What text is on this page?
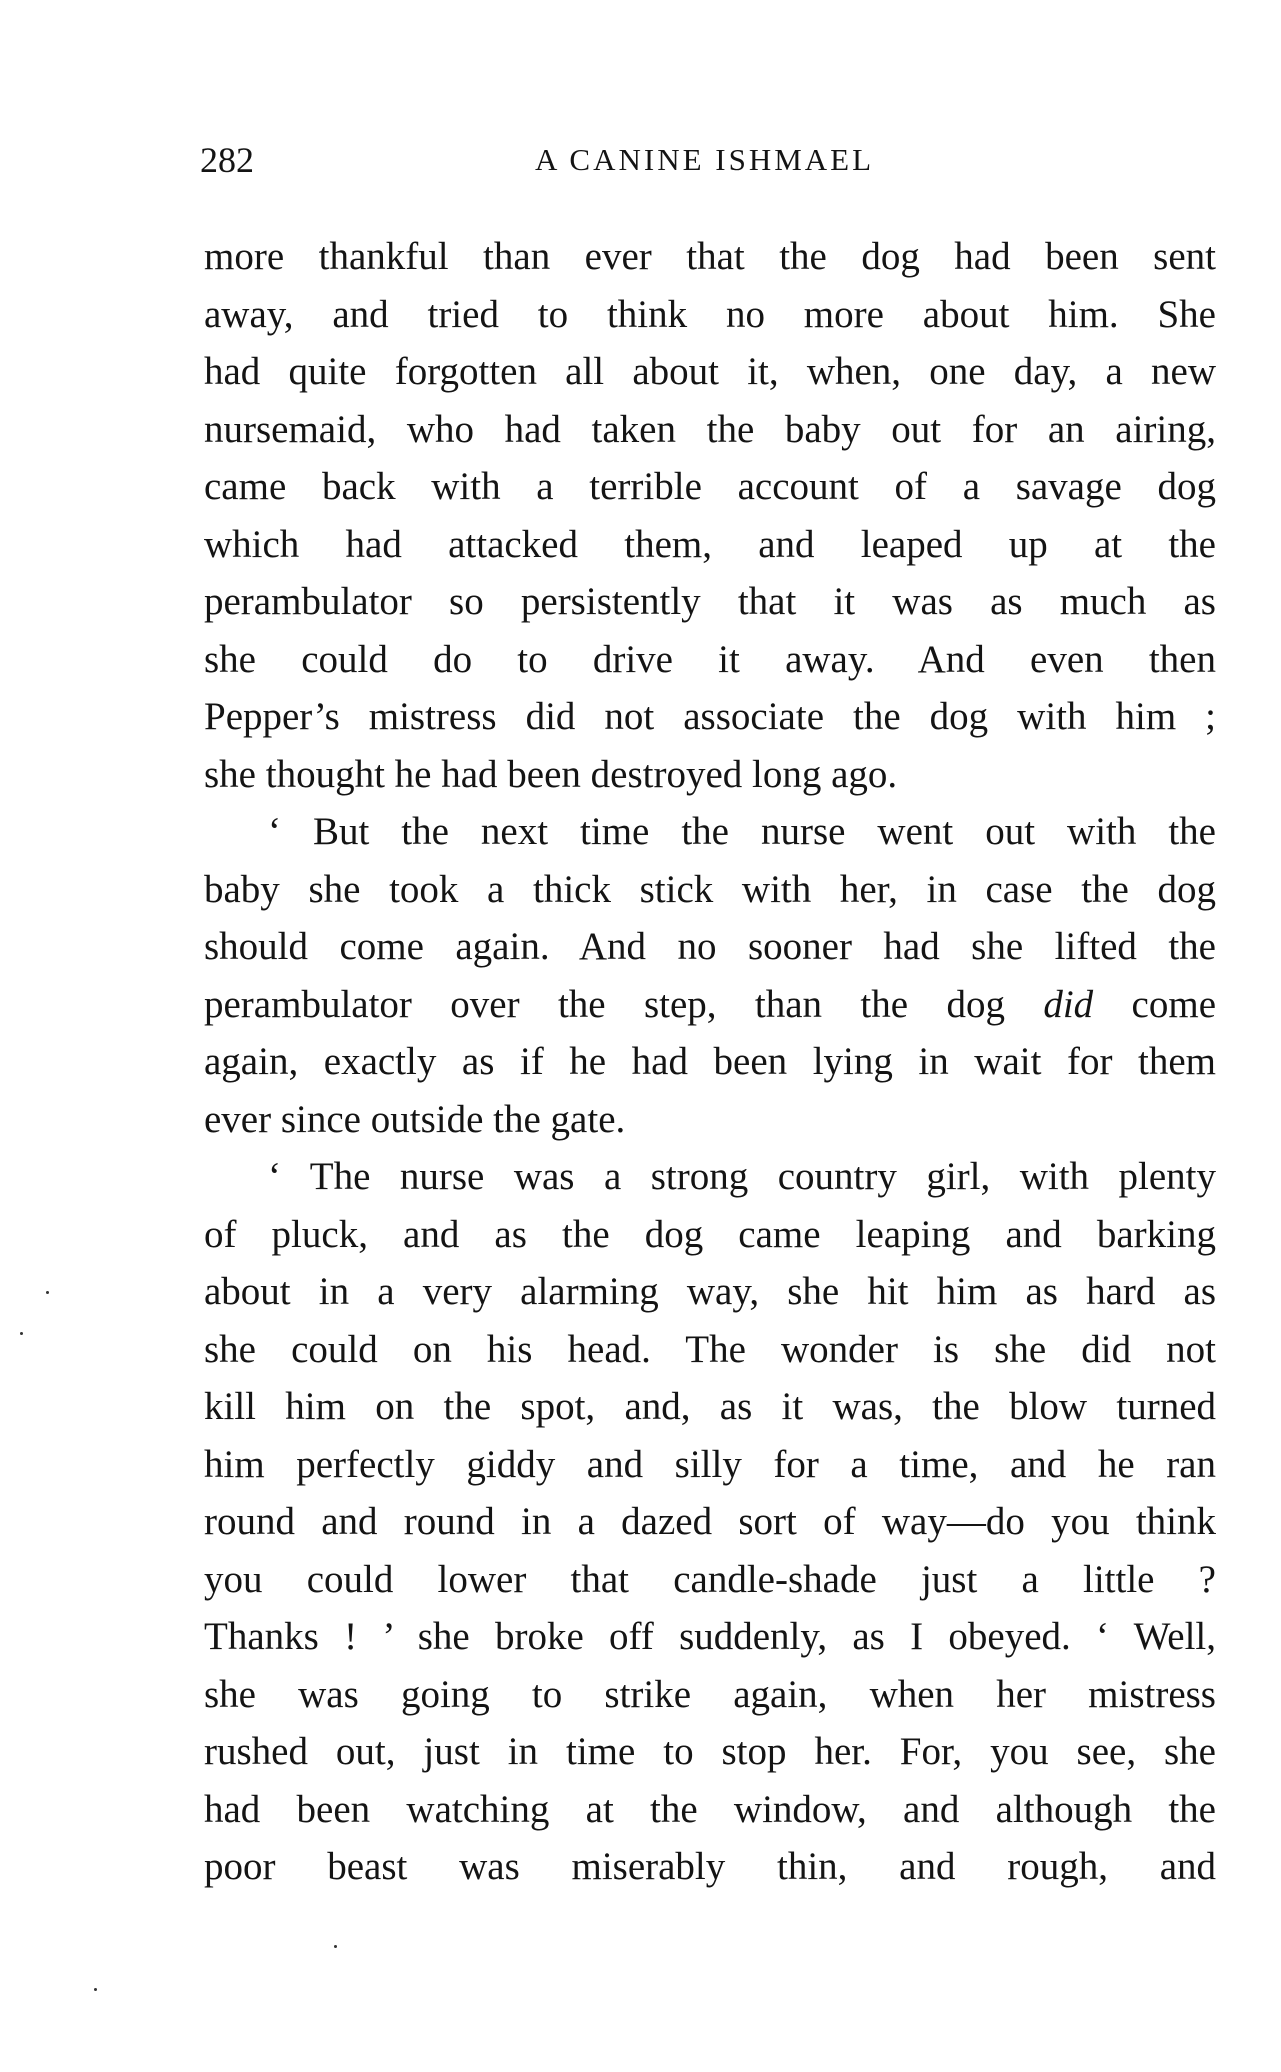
282	A CANINE ISHMAEL
more thankful than ever that the dog had been sent
away, and tried to think no more about him. She
had quite forgotten all about it, when, one day, a new
nursemaid, who had taken the baby out for an airing,
came back with a terrible account of a savage dog
which had attacked them, and leaped up at the
perambulator so persistently that it was as much as
she could do to drive it away. And even then
Pepper’s mistress did not associate the dog with him ;
she thought he had been destroyed long ago.
‘ But the next time the nurse went out with the
baby she took a thick stick with her, in case the dog
should come again. And no sooner had she lifted the
perambulator over the step, than the dog did come
again, exactly as if he had been lying in wait for them
ever since outside the gate.
‘ The nurse was a strong country girl, with plenty
of pluck, and as the dog came leaping and barking
about in a very alarming way, she hit him as hard as
she could on his head. The wonder is she did not
kill him on the spot, and, as it was, the blow turned
him perfectly giddy and silly for a time, and he ran
round and round in a dazed sort of way—do you think
you could lower that candle-shade just a little ?
Thanks ! ’ she broke off suddenly, as I obeyed. ‘ Well,
she was going to strike again, when her mistress
rushed out, just in time to stop her. For, you see, she
had been watching at the window, and although the
poor beast was miserably thin, and rough, and
